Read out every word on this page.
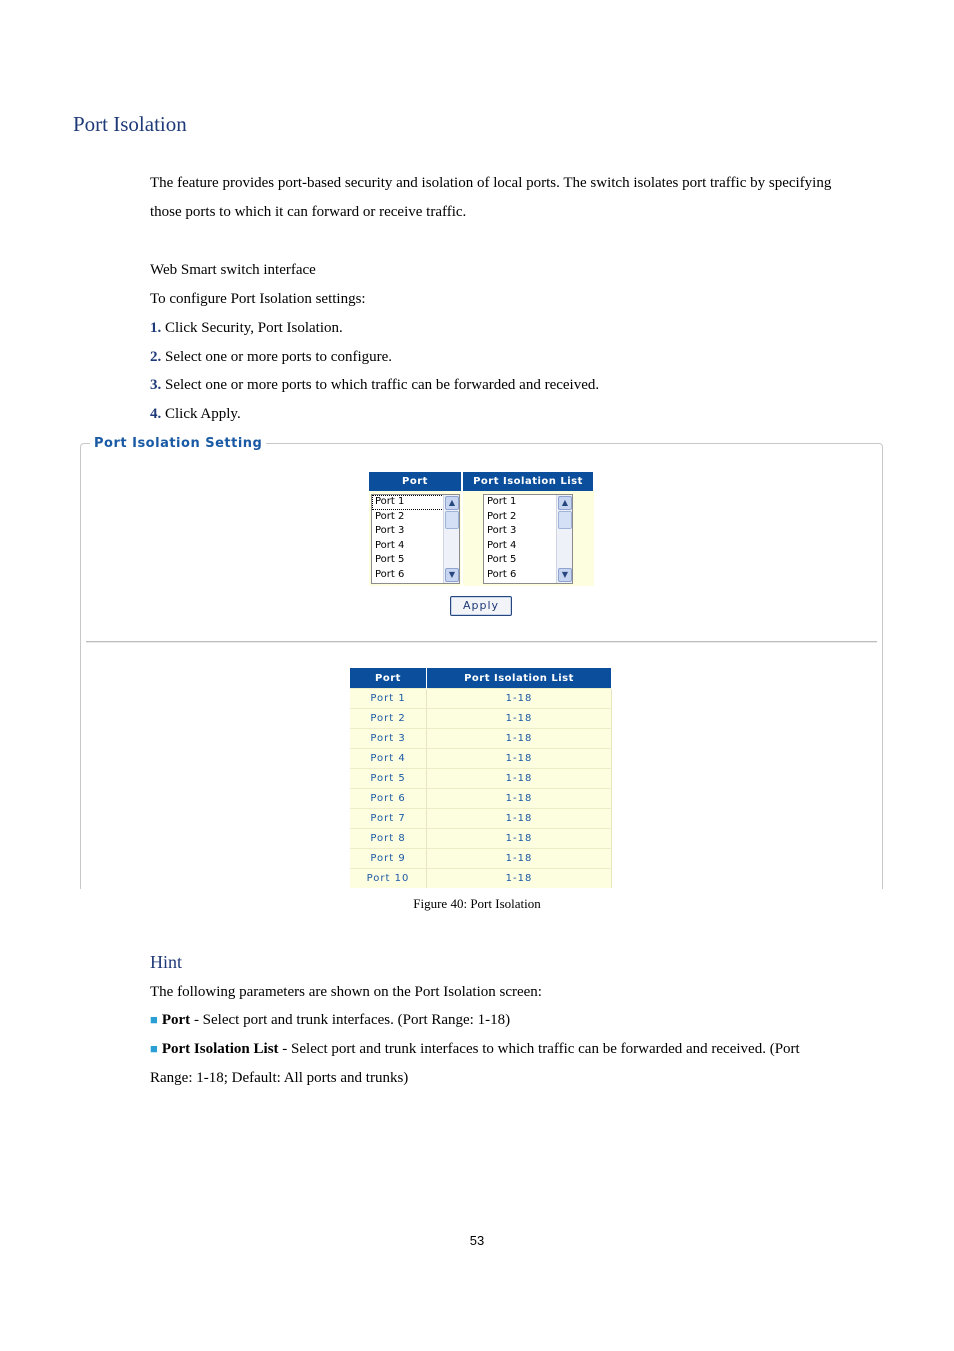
Port Isolation
The feature provides port-based security and isolation of local ports. The switch isolates port traffic by specifying
those ports to which it can forward or receive traffic.
Web Smart switch interface
To configure Port Isolation settings:
1. Click Security, Port Isolation.
2. Select one or more ports to configure.
3. Select one or more ports to which traffic can be forwarded and received.
4. Click Apply.
Port Isolation Setting
Port	Port Isolation List
Port 1
Port 2
Port 3
Port 4
Port 5
Port 6
▲
▼
Port 1
Port 2
Port 3
Port 4
Port 5
Port 6
▲
▼
Apply
Port	Port Isolation List
Port 1	1-18
Port 2	1-18
Port 3	1-18
Port 4	1-18
Port 5	1-18
Port 6	1-18
Port 7	1-18
Port 8	1-18
Port 9	1-18
Port 10	1-18
Figure 40: Port Isolation
Hint
The following parameters are shown on the Port Isolation screen:
■ Port - Select port and trunk interfaces. (Port Range: 1-18)
■ Port Isolation List - Select port and trunk interfaces to which traffic can be forwarded and received. (Port
Range: 1-18; Default: All ports and trunks)
53
